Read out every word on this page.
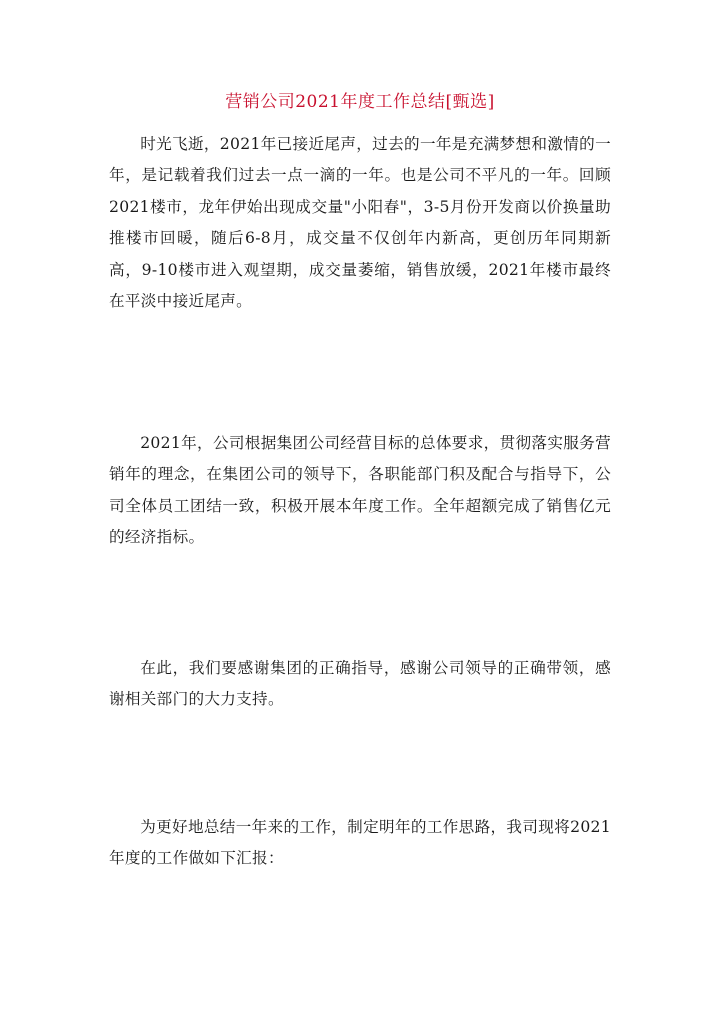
营销公司2021年度工作总结[甄选]

时光飞逝，2021年已接近尾声，过去的一年是充满梦想和激情的一年，是记载着我们过去一点一滴的一年。也是公司不平凡的一年。回顾2021楼市，龙年伊始出现成交量"小阳春"，3-5月份开发商以价换量助推楼市回暖，随后6-8月，成交量不仅创年内新高，更创历年同期新高，9-10楼市进入观望期，成交量萎缩，销售放缓，2021年楼市最终在平淡中接近尾声。

2021年，公司根据集团公司经营目标的总体要求，贯彻落实服务营销年的理念，在集团公司的领导下，各职能部门积及配合与指导下，公司全体员工团结一致，积极开展本年度工作。全年超额完成了销售亿元的经济指标。

在此，我们要感谢集团的正确指导，感谢公司领导的正确带领，感谢相关部门的大力支持。

为更好地总结一年来的工作，制定明年的工作思路，我司现将2021年度的工作做如下汇报：
